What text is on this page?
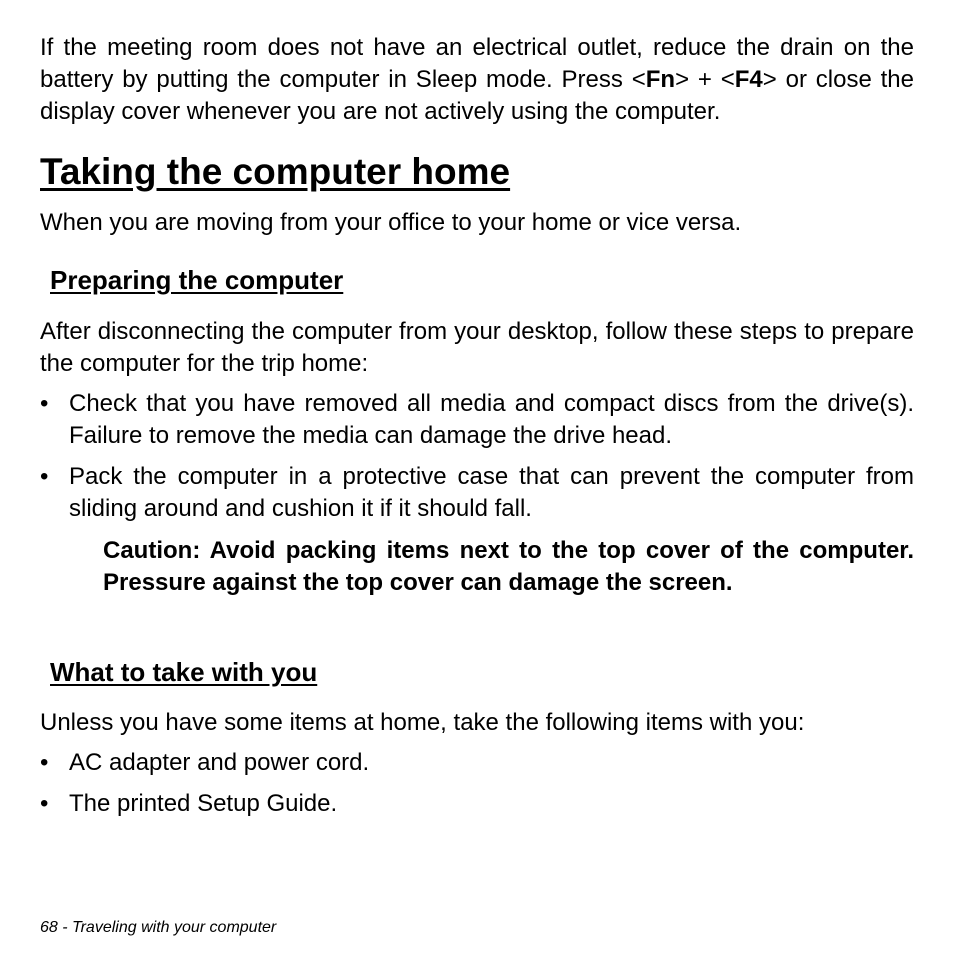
If the meeting room does not have an electrical outlet, reduce the drain on the battery by putting the computer in Sleep mode. Press <Fn> + <F4> or close the display cover whenever you are not actively using the computer.

Taking the computer home

When you are moving from your office to your home or vice versa.

Preparing the computer

After disconnecting the computer from your desktop, follow these steps to prepare the computer for the trip home:

• Check that you have removed all media and compact discs from the drive(s). Failure to remove the media can damage the drive head.
• Pack the computer in a protective case that can prevent the computer from sliding around and cushion it if it should fall.

Caution: Avoid packing items next to the top cover of the computer. Pressure against the top cover can damage the screen.

What to take with you

Unless you have some items at home, take the following items with you:

• AC adapter and power cord.
• The printed Setup Guide.
68 - Traveling with your computer
